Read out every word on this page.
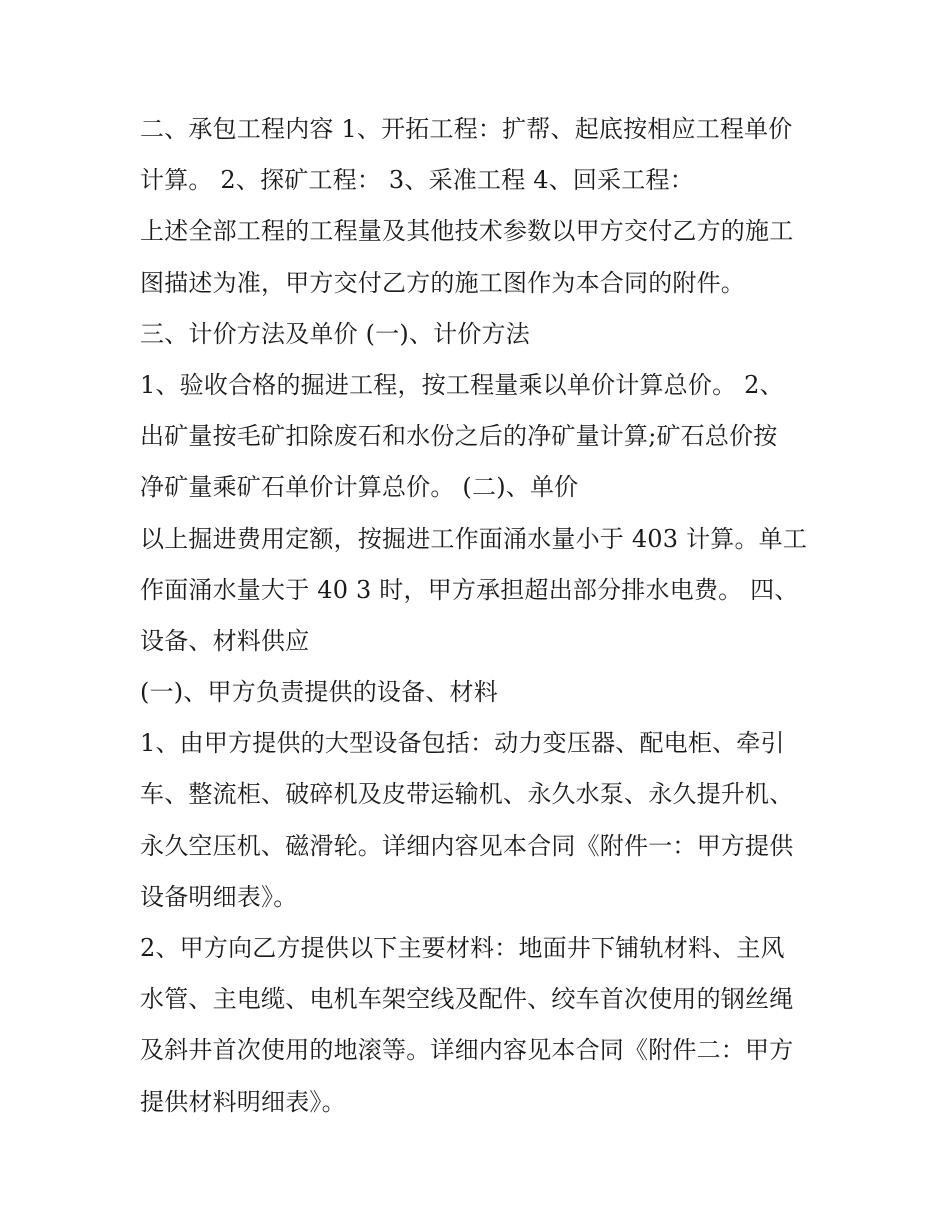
二、承包工程内容 1、开拓工程：扩帮、起底按相应工程单价
计算。 2、探矿工程： 3、采准工程 4、回采工程：
上述全部工程的工程量及其他技术参数以甲方交付乙方的施工
图描述为准，甲方交付乙方的施工图作为本合同的附件。
三、计价方法及单价 (一)、计价方法
1、验收合格的掘进工程，按工程量乘以单价计算总价。 2、
出矿量按毛矿扣除废石和水份之后的净矿量计算;矿石总价按
净矿量乘矿石单价计算总价。 (二)、单价
以上掘进费用定额，按掘进工作面涌水量小于 403 计算。单工
作面涌水量大于 40 3 时，甲方承担超出部分排水电费。 四、
设备、材料供应
(一)、甲方负责提供的设备、材料
1、由甲方提供的大型设备包括：动力变压器、配电柜、牵引
车、整流柜、破碎机及皮带运输机、永久水泵、永久提升机、
永久空压机、磁滑轮。详细内容见本合同《附件一：甲方提供
设备明细表》。
2、甲方向乙方提供以下主要材料：地面井下铺轨材料、主风
水管、主电缆、电机车架空线及配件、绞车首次使用的钢丝绳
及斜井首次使用的地滚等。详细内容见本合同《附件二：甲方
提供材料明细表》。
